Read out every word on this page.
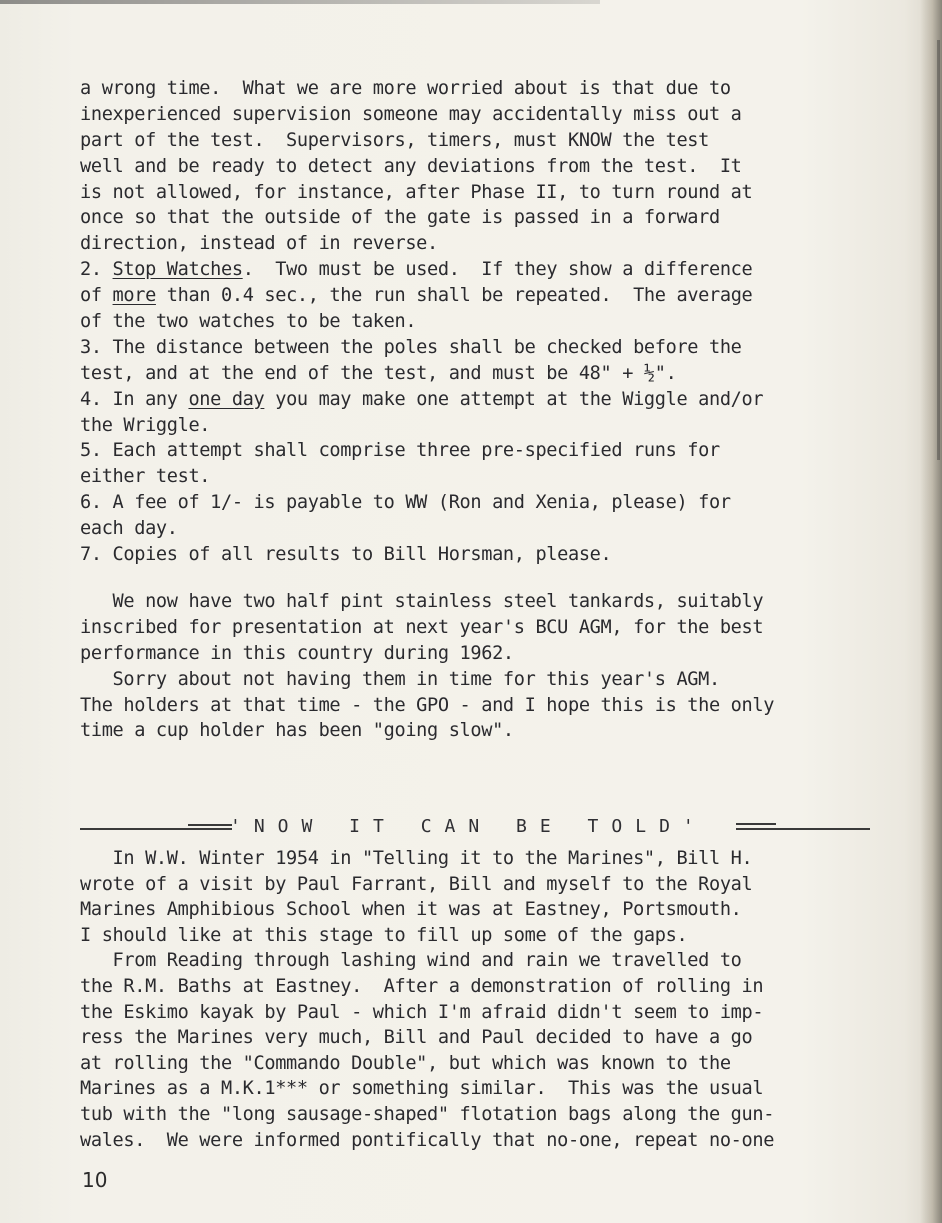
a wrong time.  What we are more worried about is that due to
inexperienced supervision someone may accidentally miss out a
part of the test.  Supervisors, timers, must KNOW the test
well and be ready to detect any deviations from the test.  It
is not allowed, for instance, after Phase II, to turn round at
once so that the outside of the gate is passed in a forward
direction, instead of in reverse.
2. Stop Watches.  Two must be used.  If they show a difference
of more than 0.4 sec., the run shall be repeated.  The average
of the two watches to be taken.
3. The distance between the poles shall be checked before the
test, and at the end of the test, and must be 48" + ½".
4. In any one day you may make one attempt at the Wiggle and/or
the Wriggle.
5. Each attempt shall comprise three pre-specified runs for
either test.
6. A fee of 1/- is payable to WW (Ron and Xenia, please) for
each day.
7. Copies of all results to Bill Horsman, please.
We now have two half pint stainless steel tankards, suitably
inscribed for presentation at next year's BCU AGM, for the best
performance in this country during 1962.
Sorry about not having them in time for this year's AGM.
The holders at that time - the GPO - and I hope this is the only
time a cup holder has been "going slow".
'NOW IT CAN BE TOLD'
In W.W. Winter 1954 in "Telling it to the Marines", Bill H.
wrote of a visit by Paul Farrant, Bill and myself to the Royal
Marines Amphibious School when it was at Eastney, Portsmouth.
I should like at this stage to fill up some of the gaps.
From Reading through lashing wind and rain we travelled to
the R.M. Baths at Eastney.  After a demonstration of rolling in
the Eskimo kayak by Paul - which I'm afraid didn't seem to imp-
ress the Marines very much, Bill and Paul decided to have a go
at rolling the "Commando Double", but which was known to the
Marines as a M.K.1*** or something similar.  This was the usual
tub with the "long sausage-shaped" flotation bags along the gun-
wales.  We were informed pontifically that no-one, repeat no-one
10
